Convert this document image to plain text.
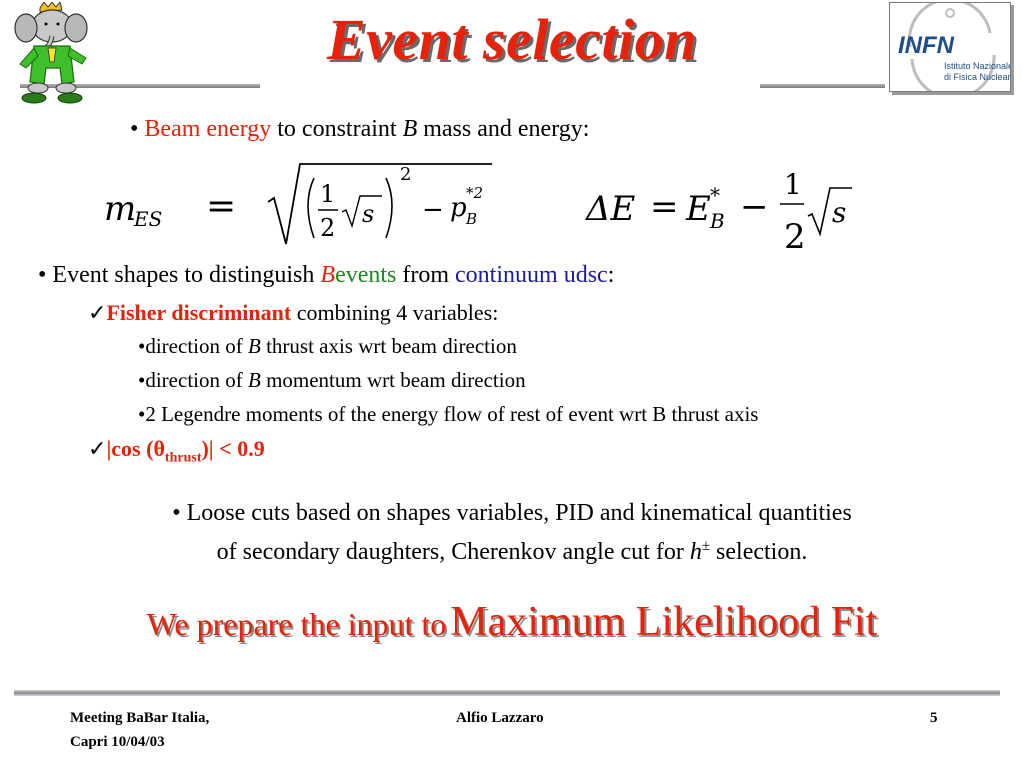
Event selection	INFN
Istituto Nazionale
di Fisica Nucleare
• Beam energy to constraint B mass and energy:
m
ES =	1
2 s
2
− p *2
B	ΔE = E *
B −
1
2
s
• Event shapes to distinguish Bevents from continuum udsc:
✓Fisher discriminant combining 4 variables:
•direction of B thrust axis wrt beam direction
•direction of B momentum wrt beam direction
•2 Legendre moments of the energy flow of rest of event wrt B thrust axis
✓|cos $(\theta_{thrust})| < 0.9$
• Loose cuts based on shapes variables, PID and kinematical quantities
of secondary daughters, Cherenkov angle cut for h± selection.
We prepare the input to Maximum Likelihood Fit
Meeting BaBar Italia,
Capri 10/04/03
Alfio Lazzaro	5
